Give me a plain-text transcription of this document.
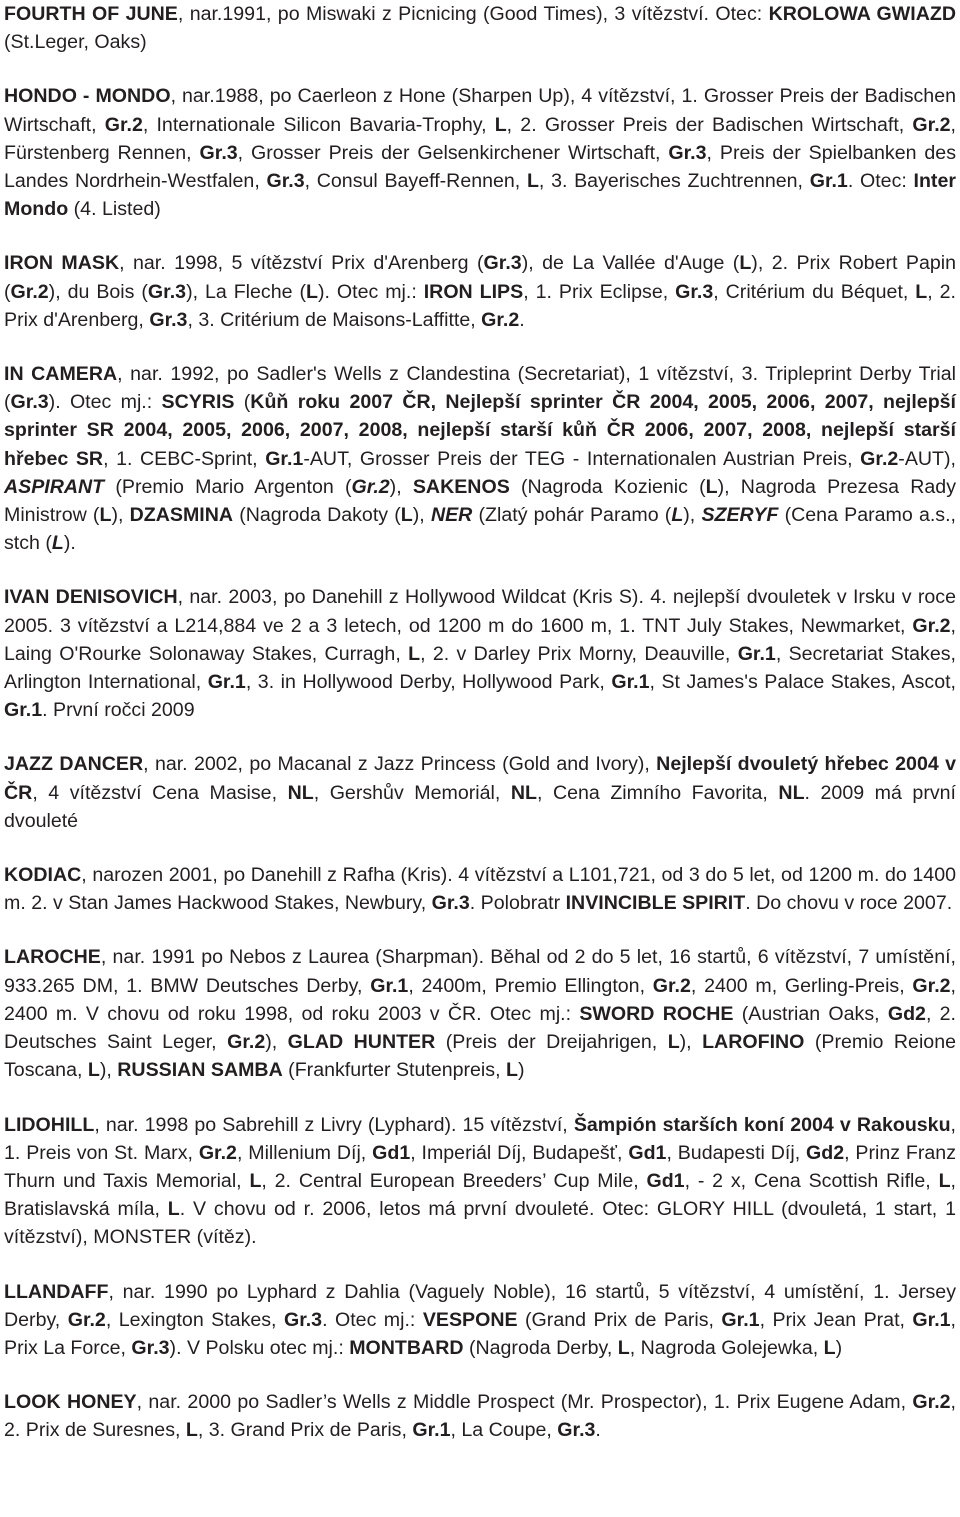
FOURTH OF JUNE, nar.1991, po Miswaki z Picnicing (Good Times), 3 vítězství. Otec: KROLOWA GWIAZD (St.Leger, Oaks)

HONDO - MONDO, nar.1988, po Caerleon z Hone (Sharpen Up), 4 vítězství, 1. Grosser Preis der Badischen Wirtschaft, Gr.2, Internationale Silicon Bavaria-Trophy, L, 2. Grosser Preis der Badischen Wirtschaft, Gr.2, Fürstenberg Rennen, Gr.3, Grosser Preis der Gelsenkirchener Wirtschaft, Gr.3, Preis der Spielbanken des Landes Nordrhein-Westfalen, Gr.3, Consul Bayeff-Rennen, L, 3. Bayerisches Zuchtrennen, Gr.1. Otec: Inter Mondo (4. Listed)

IRON MASK, nar. 1998, 5 vítězství Prix d'Arenberg (Gr.3), de La Vallée d'Auge (L), 2. Prix Robert Papin (Gr.2), du Bois (Gr.3), La Fleche (L). Otec mj.: IRON LIPS, 1. Prix Eclipse, Gr.3, Critérium du Béquet, L, 2. Prix d'Arenberg, Gr.3, 3. Critérium de Maisons-Laffitte, Gr.2.

IN CAMERA, nar. 1992, po Sadler's Wells z Clandestina (Secretariat), 1 vítězství, 3. Tripleprint Derby Trial (Gr.3). Otec mj.: SCYRIS (Kůň roku 2007 ČR, Nejlepší sprinter ČR 2004, 2005, 2006, 2007, nejlepší sprinter SR 2004, 2005, 2006, 2007, 2008, nejlepší starší kůň ČR 2006, 2007, 2008, nejlepší starší hřebec SR, 1. CEBC-Sprint, Gr.1-AUT, Grosser Preis der TEG - Internationalen Austrian Preis, Gr.2-AUT), ASPIRANT (Premio Mario Argenton (Gr.2), SAKENOS (Nagroda Kozienic (L), Nagroda Prezesa Rady Ministrow (L), DZASMINA (Nagroda Dakoty (L), NER (Zlatý pohár Paramo (L), SZERYF (Cena Paramo a.s., stch (L).

IVAN DENISOVICH, nar. 2003, po Danehill z Hollywood Wildcat (Kris S). 4. nejlepší dvouletek v Irsku v roce 2005. 3 vítězství a L214,884 ve 2 a 3 letech, od 1200 m do 1600 m, 1. TNT July Stakes, Newmarket, Gr.2, Laing O'Rourke Solonaway Stakes, Curragh, L, 2. v Darley Prix Morny, Deauville, Gr.1, Secretariat Stakes, Arlington International, Gr.1, 3. in Hollywood Derby, Hollywood Park, Gr.1, St James's Palace Stakes, Ascot, Gr.1. První ročci 2009

JAZZ DANCER, nar. 2002, po Macanal z Jazz Princess (Gold and Ivory), Nejlepší dvouletý hřebec 2004 v ČR, 4 vítězství Cena Masise, NL, Gershův Memoriál, NL, Cena Zimního Favorita, NL. 2009 má první dvouleté

KODIAC, narozen 2001, po Danehill z Rafha (Kris). 4 vítězství a L101,721, od 3 do 5 let, od 1200 m. do 1400 m. 2. v Stan James Hackwood Stakes, Newbury, Gr.3. Polobratr INVINCIBLE SPIRIT. Do chovu v roce 2007.

LAROCHE, nar. 1991 po Nebos z Laurea (Sharpman). Běhal od 2 do 5 let, 16 startů, 6 vítězství, 7 umístění, 933.265 DM, 1. BMW Deutsches Derby, Gr.1, 2400m, Premio Ellington, Gr.2, 2400 m, Gerling-Preis, Gr.2, 2400 m. V chovu od roku 1998, od roku 2003 v ČR. Otec mj.: SWORD ROCHE (Austrian Oaks, Gd2, 2. Deutsches Saint Leger, Gr.2), GLAD HUNTER (Preis der Dreijahrigen, L), LAROFINO (Premio Reione Toscana, L), RUSSIAN SAMBA (Frankfurter Stutenpreis, L)

LIDOHILL, nar. 1998 po Sabrehill z Livry (Lyphard). 15 vítězství, Šampión starších koní 2004 v Rakousku, 1. Preis von St. Marx, Gr.2, Millenium Díj, Gd1, Imperiál Díj, Budapešť, Gd1, Budapesti Díj, Gd2, Prinz Franz Thurn und Taxis Memorial, L, 2. Central European Breeders’ Cup Mile, Gd1, - 2 x, Cena Scottish Rifle, L, Bratislavská míla, L. V chovu od r. 2006, letos má první dvouleté. Otec: GLORY HILL (dvouletá, 1 start, 1 vítězství), MONSTER (vítěz).

LLANDAFF, nar. 1990 po Lyphard z Dahlia (Vaguely Noble), 16 startů, 5 vítězství, 4 umístění, 1. Jersey Derby, Gr.2, Lexington Stakes, Gr.3. Otec mj.: VESPONE (Grand Prix de Paris, Gr.1, Prix Jean Prat, Gr.1, Prix La Force, Gr.3). V Polsku otec mj.: MONTBARD (Nagroda Derby, L, Nagroda Golejewka, L)

LOOK HONEY, nar. 2000 po Sadler’s Wells z Middle Prospect (Mr. Prospector), 1. Prix Eugene Adam, Gr.2, 2. Prix de Suresnes, L, 3. Grand Prix de Paris, Gr.1, La Coupe, Gr.3.
